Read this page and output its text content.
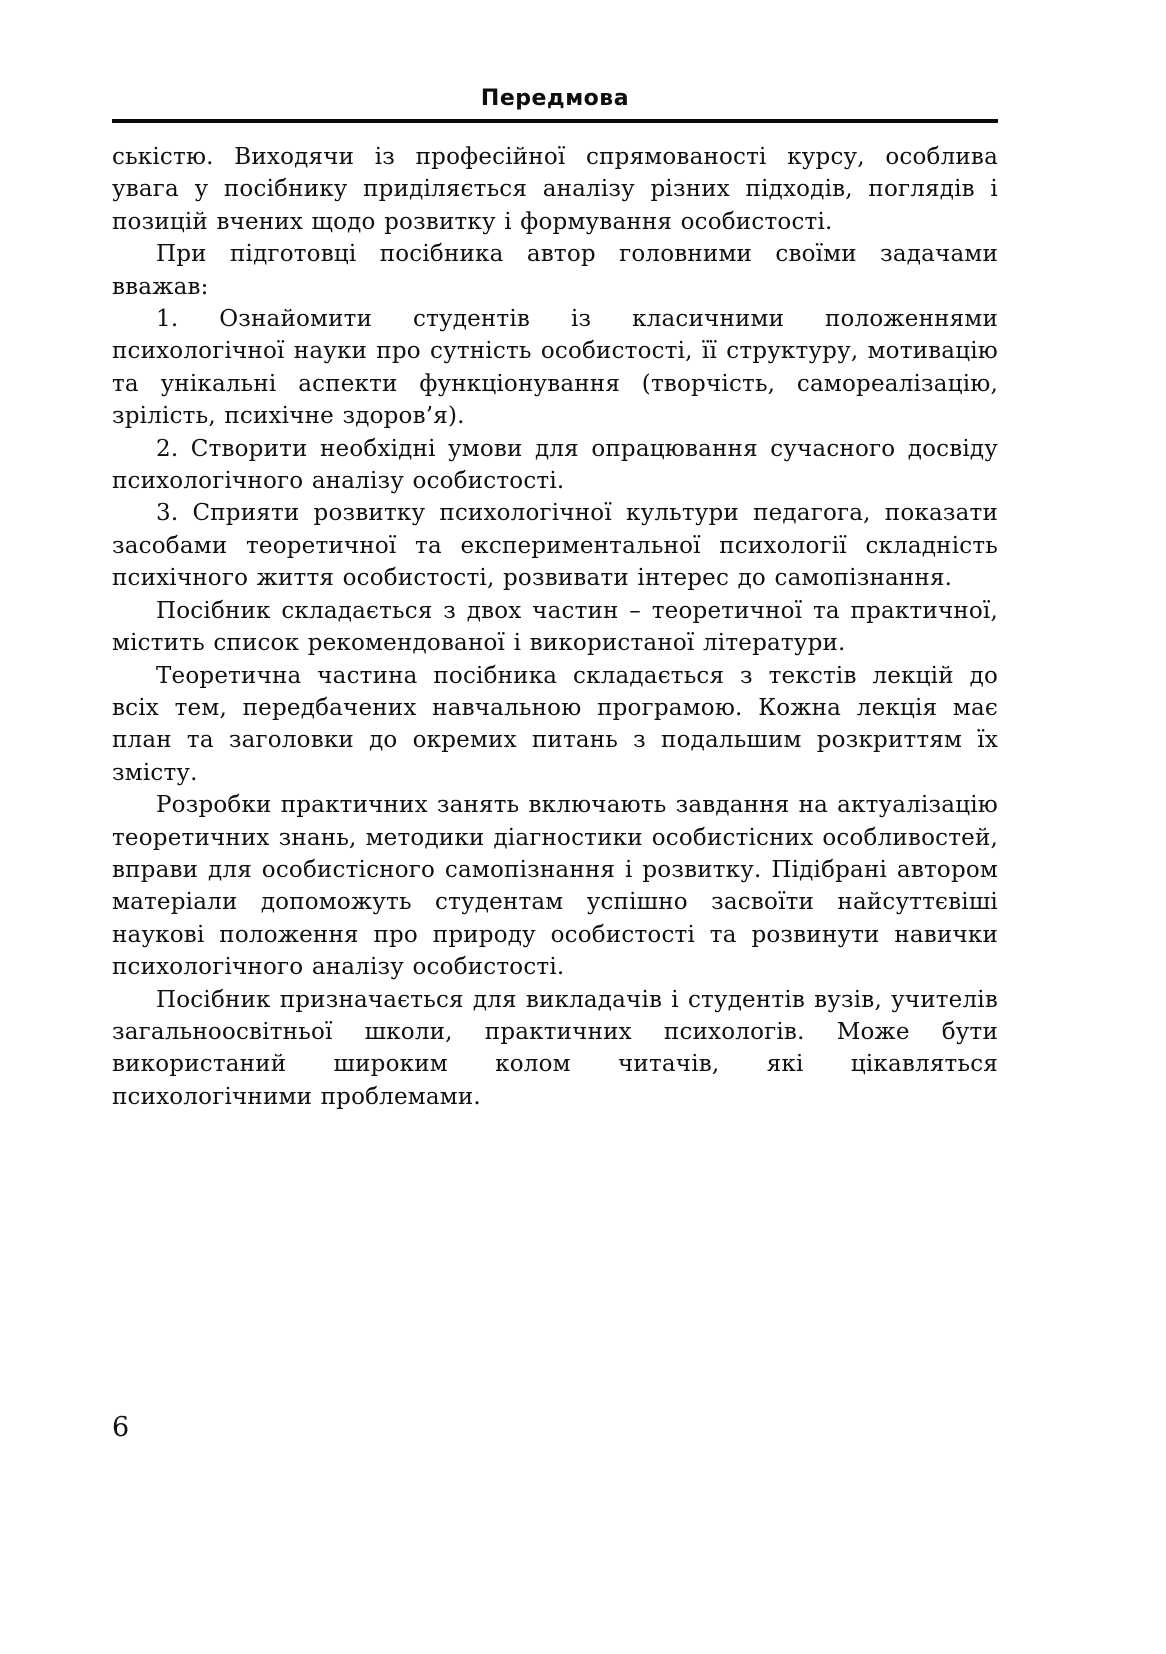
Передмова

ськістю. Виходячи із професійної спрямованості курсу, особлива увага у посібнику приділяється аналізу різних підходів, поглядів і позицій вчених щодо розвитку і формування особистості.

При підготовці посібника автор головними своїми задачами вважав:

1. Ознайомити студентів із класичними положеннями психологічної науки про сутність особистості, її структуру, мотивацію та унікальні аспекти функціонування (творчість, самореалізацію, зрілість, психічне здоров’я).

2. Створити необхідні умови для опрацювання сучасного досвіду психологічного аналізу особистості.

3. Сприяти розвитку психологічної культури педагога, показати засобами теоретичної та експериментальної психології складність психічного життя особистості, розвивати інтерес до самопізнання.

Посібник складається з двох частин – теоретичної та практичної, містить список рекомендованої і використаної літератури.

Теоретична частина посібника складається з текстів лекцій до всіх тем, передбачених навчальною програмою. Кожна лекція має план та заголовки до окремих питань з подальшим розкриттям їх змісту.

Розробки практичних занять включають завдання на актуалізацію теоретичних знань, методики діагностики особистісних особливостей, вправи для особистісного самопізнання і розвитку. Підібрані автором матеріали допоможуть студентам успішно засвоїти найсуттєвіші наукові положення про природу особистості та розвинути навички психологічного аналізу особистості.

Посібник призначається для викладачів і студентів вузів, учителів загальноосвітньої школи, практичних психологів. Може бути використаний широким колом читачів, які цікавляться психологічними проблемами.

6
